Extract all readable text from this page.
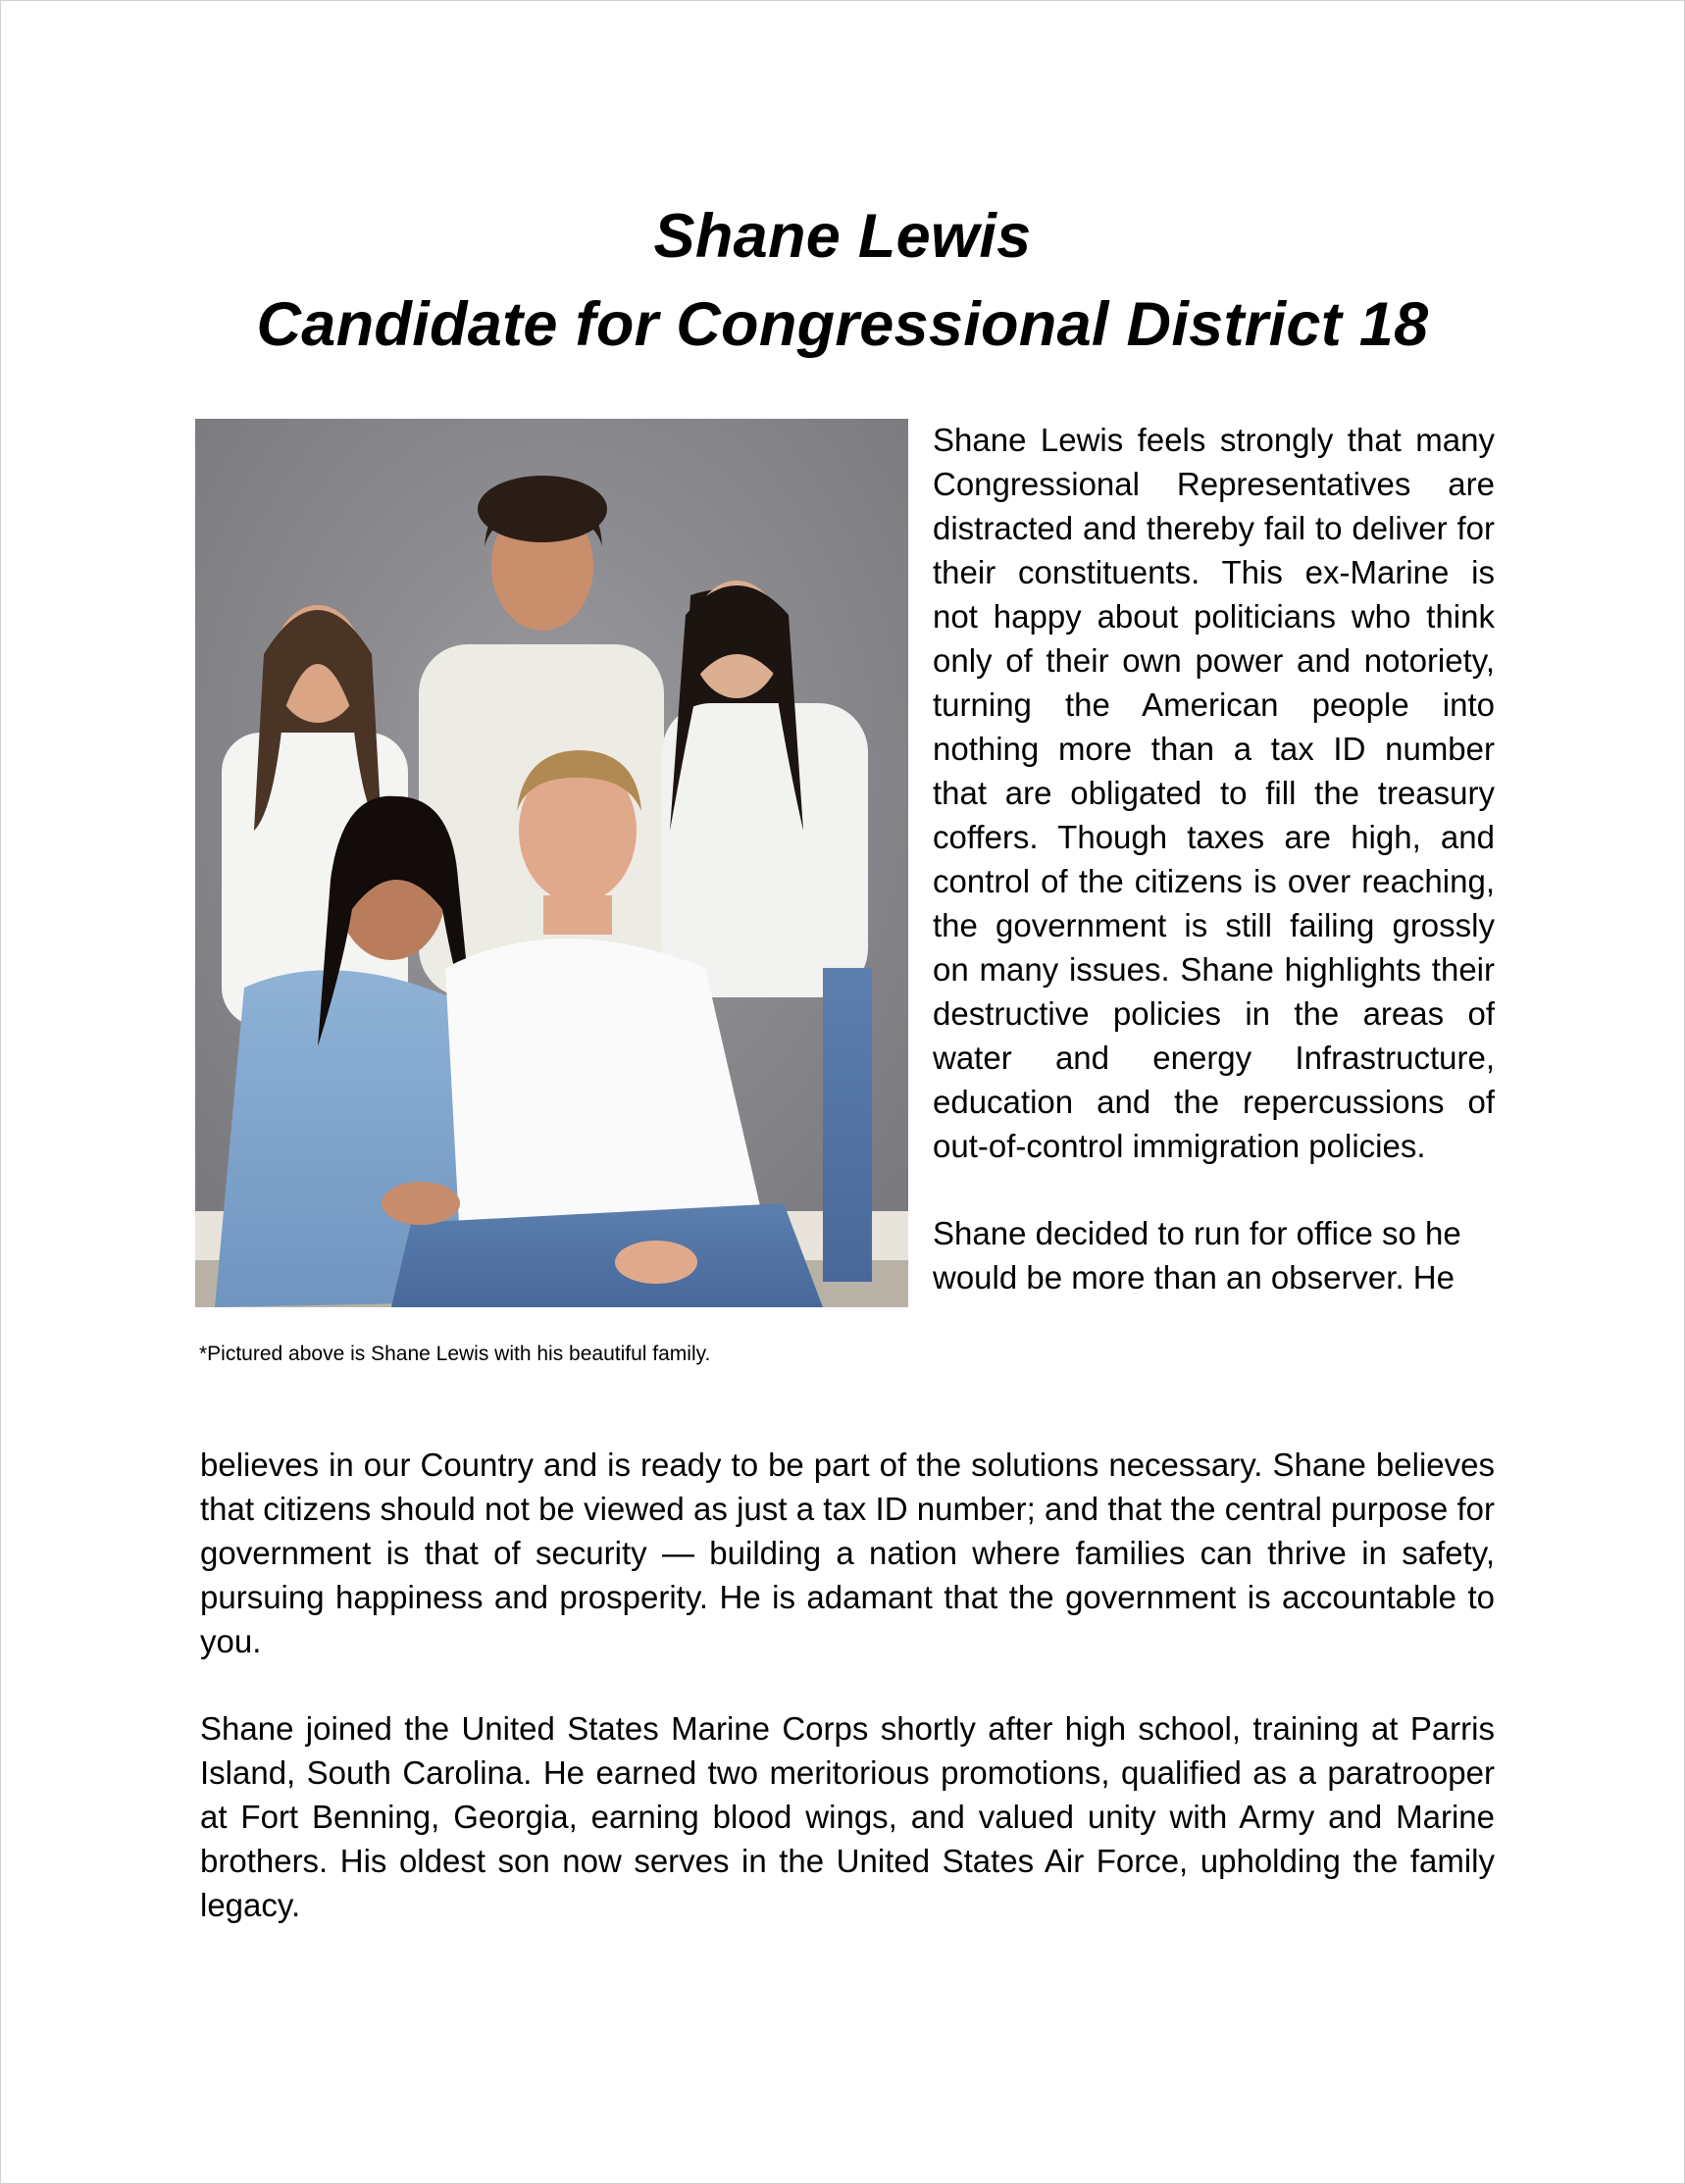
Shane Lewis
Candidate for Congressional District 18
*Pictured above is Shane Lewis with his beautiful family.

Shane Lewis feels strongly that many Congressional Representatives are distracted and thereby fail to deliver for their constituents. This ex-Marine is not happy about politicians who think only of their own power and notoriety, turning the American people into nothing more than a tax ID number that are obligated to fill the treasury coffers. Though taxes are high, and control of the citizens is over reaching, the government is still failing grossly on many issues. Shane highlights their destructive policies in the areas of water and energy Infrastructure, education and the repercussions of out-of-control immigration policies.

Shane decided to run for office so he would be more than an observer. He

believes in our Country and is ready to be part of the solutions necessary. Shane believes that citizens should not be viewed as just a tax ID number; and that the central purpose for government is that of security — building a nation where families can thrive in safety, pursuing happiness and prosperity. He is adamant that the government is accountable to you.

Shane joined the United States Marine Corps shortly after high school, training at Parris Island, South Carolina. He earned two meritorious promotions, qualified as a paratrooper at Fort Benning, Georgia, earning blood wings, and valued unity with Army and Marine brothers. His oldest son now serves in the United States Air Force, upholding the family legacy.
